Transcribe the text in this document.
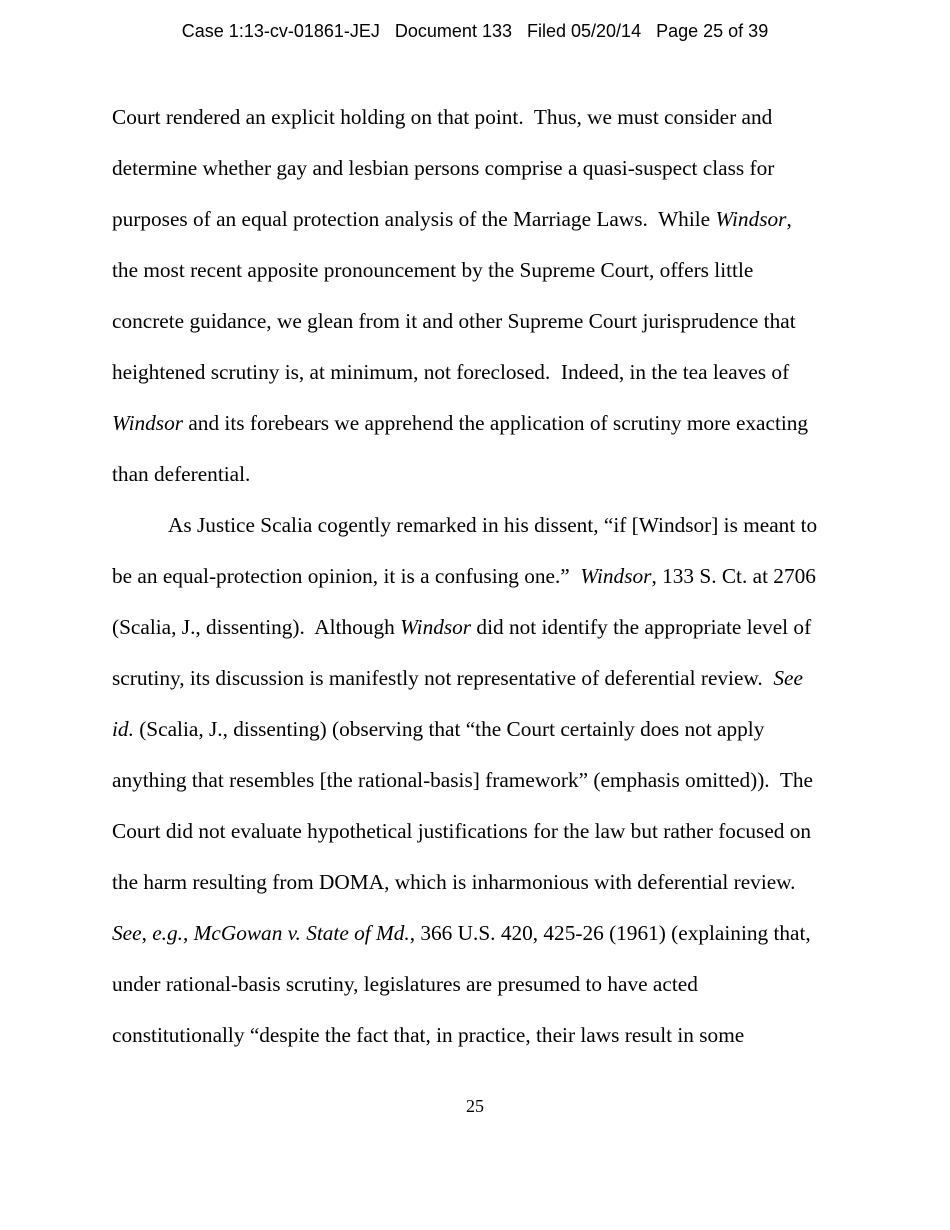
Case 1:13-cv-01861-JEJ Document 133 Filed 05/20/14 Page 25 of 39
Court rendered an explicit holding on that point.  Thus, we must consider and
determine whether gay and lesbian persons comprise a quasi-suspect class for
purposes of an equal protection analysis of the Marriage Laws.  While Windsor,
the most recent apposite pronouncement by the Supreme Court, offers little
concrete guidance, we glean from it and other Supreme Court jurisprudence that
heightened scrutiny is, at minimum, not foreclosed.  Indeed, in the tea leaves of
Windsor and its forebears we apprehend the application of scrutiny more exacting
than deferential.
As Justice Scalia cogently remarked in his dissent, “if [Windsor] is meant to
be an equal-protection opinion, it is a confusing one.”  Windsor, 133 S. Ct. at 2706
(Scalia, J., dissenting).  Although Windsor did not identify the appropriate level of
scrutiny, its discussion is manifestly not representative of deferential review.  See
id. (Scalia, J., dissenting) (observing that “the Court certainly does not apply
anything that resembles [the rational-basis] framework” (emphasis omitted)).  The
Court did not evaluate hypothetical justifications for the law but rather focused on
the harm resulting from DOMA, which is inharmonious with deferential review.
See, e.g., McGowan v. State of Md., 366 U.S. 420, 425-26 (1961) (explaining that,
under rational-basis scrutiny, legislatures are presumed to have acted
constitutionally “despite the fact that, in practice, their laws result in some
25
